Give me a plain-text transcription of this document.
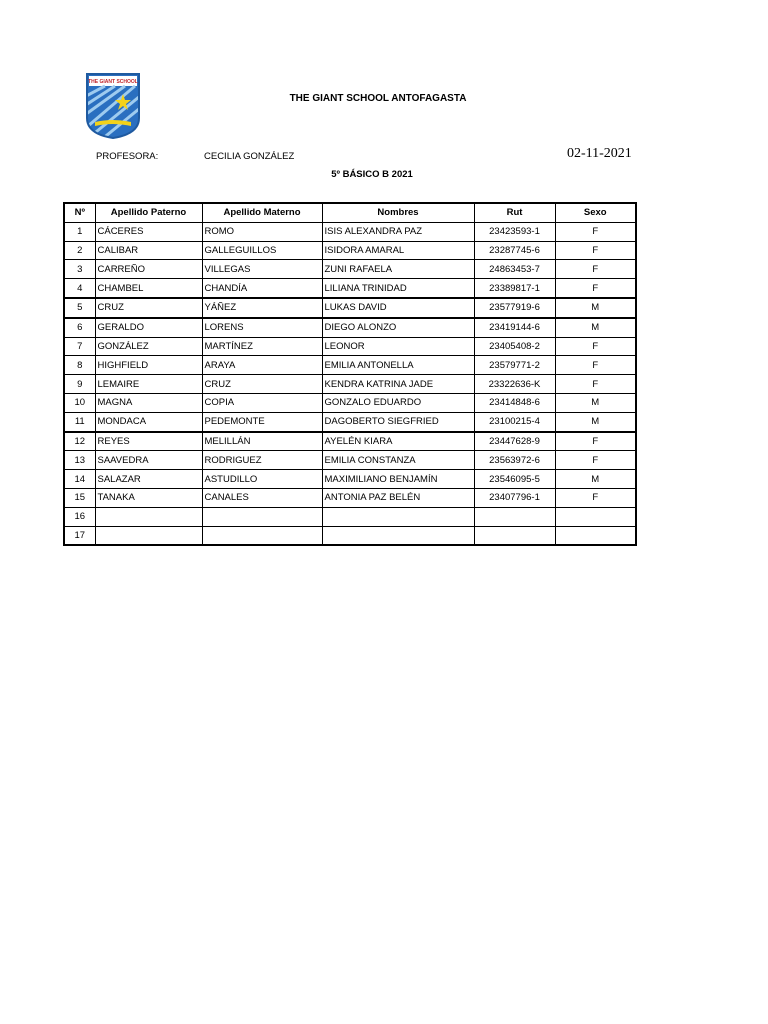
THE GIANT SCHOOL
THE GIANT SCHOOL ANTOFAGASTA
PROFESORA:	CECILIA GONZÁLEZ	02-11-2021
5º BÁSICO B 2021
Nº	Apellido Paterno	Apellido Materno	Nombres	Rut	Sexo
1	CÁCERES	ROMO	ISIS ALEXANDRA PAZ	23423593-1	F
2	CALIBAR	GALLEGUILLOS	ISIDORA AMARAL	23287745-6	F
3	CARREÑO	VILLEGAS	ZUNI RAFAELA	24863453-7	F
4	CHAMBEL	CHANDÍA	LILIANA TRINIDAD	23389817-1	F
5	CRUZ	YÁÑEZ	LUKAS DAVID	23577919-6	M
6	GERALDO	LORENS	DIEGO ALONZO	23419144-6	M
7	GONZÁLEZ	MARTÍNEZ	LEONOR	23405408-2	F
8	HIGHFIELD	ARAYA	EMILIA ANTONELLA	23579771-2	F
9	LEMAIRE	CRUZ	KENDRA KATRINA JADE	23322636-K	F
10	MAGNA	COPIA	GONZALO EDUARDO	23414848-6	M
11	MONDACA	PEDEMONTE	DAGOBERTO SIEGFRIED	23100215-4	M
12	REYES	MELILLÁN	AYELÉN KIARA	23447628-9	F
13	SAAVEDRA	RODRIGUEZ	EMILIA CONSTANZA	23563972-6	F
14	SALAZAR	ASTUDILLO	MAXIMILIANO BENJAMÍN	23546095-5	M
15	TANAKA	CANALES	ANTONIA PAZ BELÉN	23407796-1	F
16					
17					
